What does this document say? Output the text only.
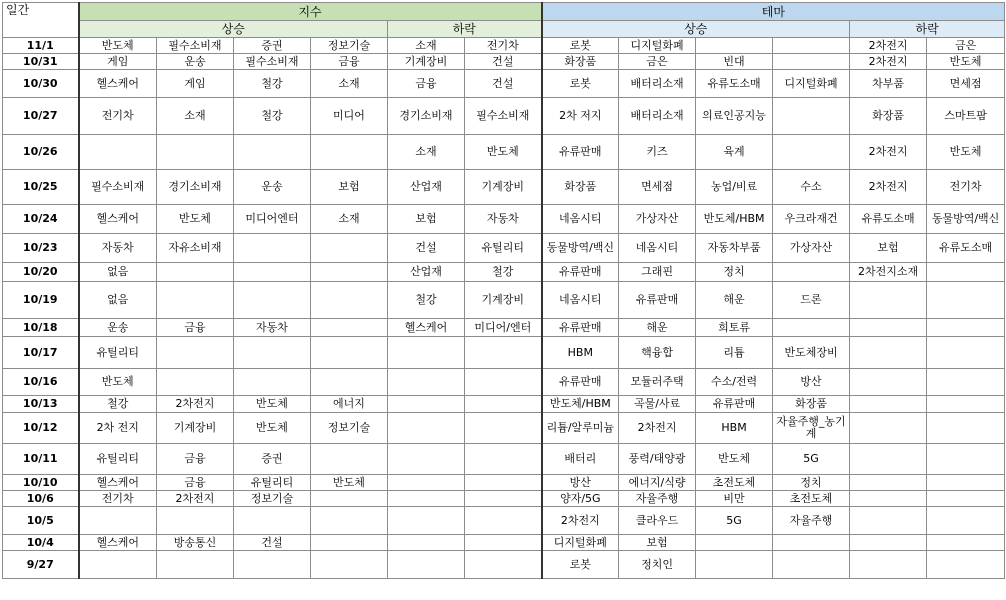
일간	지수						테마					
	상승				하락		상승				하락	
11/1	반도체	필수소비재	증권	정보기술	소재	전기차	로봇	디지털화폐			2차전지	금은
10/31	게임	운송	필수소비재	금융	기계장비	건설	화장품	금은	빈대		2차전지	반도체
10/30	헬스케어	게임	철강	소재	금융	건설	로봇	배터리소재	유류도소매	디지털화폐	차부품	면세점
10/27	전기차	소재	철강	미디어	경기소비재	필수소비재	2차 저지	배터리소재	의료인공지능		화장품	스마트팜
10/26					소재	반도체	유류판매	키즈	육계		2차전지	반도체
10/25	필수소비재	경기소비재	운송	보험	산업재	기계장비	화장품	면세점	농업/비료	수소	2차전지	전기차
10/24	헬스케어	반도체	미디어엔터	소재	보험	자동차	네옴시티	가상자산	반도체/HBM	우크라재건	유류도소매	동물방역/백신
10/23	자동차	자유소비재			건설	유틸리티	동물방역/백신	네옴시티	자동차부품	가상자산	보험	유류도소매
10/20	없음				산업재	철강	유류판매	그래핀	정치		2차전지소재	
10/19	없음				철강	기계장비	네옴시티	유류판매	해운	드론		
10/18	운송	금융	자동차		헬스케어	미디어/엔터	유류판매	해운	희토류			
10/17	유틸리티						HBM	핵융합	리튬	반도체장비		
10/16	반도체						유류판매	모듈러주택	수소/전력	방산		
10/13	철강	2차전지	반도체	에너지			반도체/HBM	곡물/사료	유류판매	화장품		
10/12	2차 전지	기계장비	반도체	정보기술			리튬/알루미늄	2차전지	HBM	자율주행_농기계		
10/11	유틸리티	금융	증권				배터리	풍력/태양광	반도체	5G		
10/10	헬스케어	금융	유틸리티	반도체			방산	에너지/식량	초전도체	정치		
10/6	전기차	2차전지	정보기술				양자/5G	자율주행	비만	초전도체		
10/5							2차전지	클라우드	5G	자율주행		
10/4	헬스케어	방송통신	건설				디지털화폐	보험				
9/27							로봇	정치인				
